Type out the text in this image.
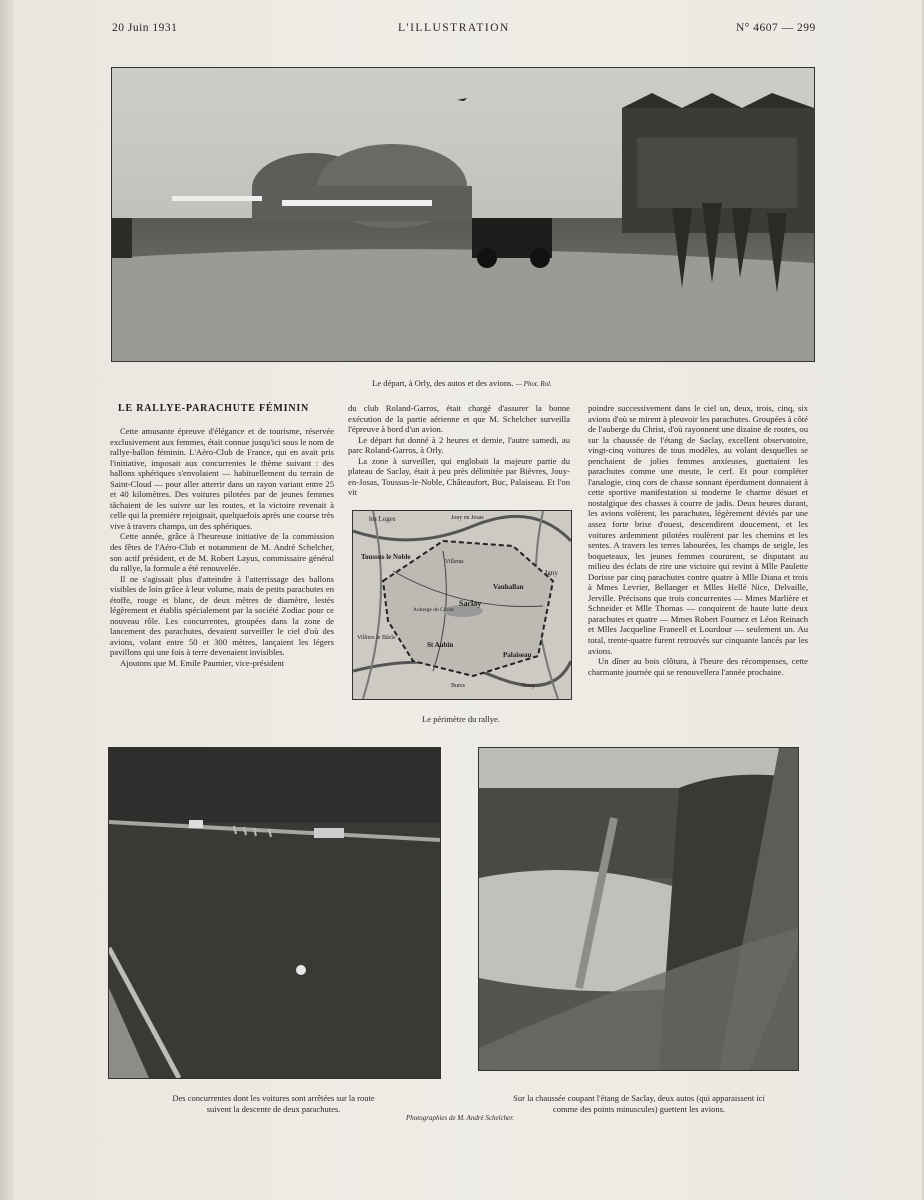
20 Juin 1931	L'ILLUSTRATION	N° 4607 — 299
Le départ, à Orly, des autos et des avions. — Phot. Rol.
LE RALLYE-PARACHUTE FÉMININ

Cette amusante épreuve d'élégance et de tourisme, réservée exclusivement aux femmes, était connue jusqu'ici sous le nom de rallye-ballon féminin. L'Aéro-Club de France, qui en avait pris l'initiative, imposait aux concurrentes le thème suivant : des ballons sphériques s'envolaient — habituellement du terrain de Saint-Cloud — pour aller atterrir dans un rayon variant entre 25 et 40 kilomètres. Des voitures pilotées par de jeunes femmes tâchaient de les suivre sur les routes, et la victoire revenait à celle qui la première rejoignait, quelquefois après une course très vive à travers champs, un des sphériques.

Cette année, grâce à l'heureuse initiative de la commission des fêtes de l'Aéro-Club et notamment de M. André Schelcher, son actif président, et de M. Robert Layus, commissaire général du rallye, la formule a été renouvelée.

Il ne s'agissait plus d'atteindre à l'atterrissage des ballons visibles de loin grâce à leur volume, mais de petits parachutes en étoffe, rouge et blanc, de deux mètres de diamètre, lestés légèrement et établis spécialement par la société Zodiac pour ce nouveau rôle. Les concurrentes, groupées dans la zone de lancement des parachutes, devaient surveiller le ciel d'où des avions, volant entre 50 et 300 mètres, lançaient les légers pavillons qui une fois à terre devenaient invisibles.

Ajoutons que M. Emile Paumier, vice-président

du club Roland-Garros, était chargé d'assurer la bonne exécution de la partie aérienne et que M. Schelcher surveilla l'épreuve à bord d'un avion.

Le départ fut donné à 2 heures et demie, l'autre samedi, au parc Roland-Garros, à Orly.

La zone à surveiller, qui englobait la majeure partie du plateau de Saclay, était à peu près délimitée par Bièvres, Jouy-en-Josas, Toussus-le-Noble, Châteaufort, Buc, Palaiseau. Et l'on vit

les Loges	Jouy en Josas
Toussus le Noble
Villeras
Saclay
Vauhallan
Igny
Villiers le Bâcle
St Aubin
Palaiseau
Orsay
Bures
Auberge du Christ
Le périmètre du rallye.

poindre successivement dans le ciel un, deux, trois, cinq, six avions d'où se mirent à pleuvoir les parachutes. Groupées à côté de l'auberge du Christ, d'où rayonnent une dizaine de routes, ou sur la chaussée de l'étang de Saclay, excellent observatoire, vingt-cinq voitures de tous modèles, au volant desquelles se penchaient de jolies femmes anxieuses, guettaient les parachutes comme une meute, le cerf. Et pour compléter l'analogie, cinq cors de chasse sonnant éperdument donnaient à cette sportive manifestation si moderne le charme désuet et nostalgique des chasses à courre de jadis. Deux heures durant, les avions volèrent, les parachutes, légèrement déviés par une assez forte brise d'ouest, descendirent doucement, et les voitures ardemment pilotées roulèrent par les chemins et les sentes. A travers les terres labourées, les champs de seigle, les boqueteaux, les jeunes femmes coururent, se disputant au milieu des éclats de rire une victoire qui revint à Mlle Paulette Dorisse par cinq parachutes contre quatre à Mlle Diana et trois à Mmes Levrier, Bellanger et Mlles Hellé Nice, Delvaille, Jerville. Précisons que trois concurrentes — Mmes Marlière et Schneider et Mlle Thomas — conquirent de haute lutte deux parachutes et quatre — Mmes Robert Fournez et Léon Reinach et Mlles Jacqueline Franeell et Lourdour — seulement un. Au total, trente-quatre furent retrouvés sur cinquante lancés par les avions.

Un dîner au bois clôtura, à l'heure des récompenses, cette charmante journée qui se renouvellera l'année prochaine.

Des concurrentes dont les voitures sont arrêtées sur la route
suivent la descente de deux parachutes.
Sur la chaussée coupant l'étang de Saclay, deux autos (qui apparaissent ici
comme des points minuscules) guettent les avions.
Photographies de M. André Schelcher.
todocoleccion
